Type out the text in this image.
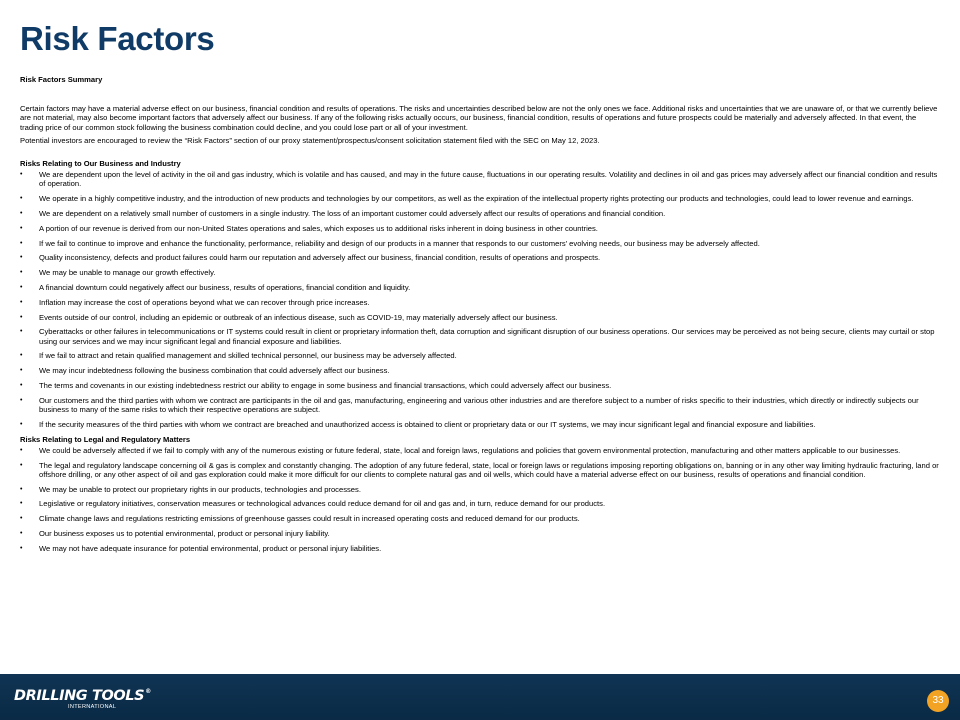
Risk Factors
Risk Factors Summary

Certain factors may have a material adverse effect on our business, financial condition and results of operations. The risks and uncertainties described below are not the only ones we face. Additional risks and uncertainties that we are unaware of, or that we currently believe are not material, may also become important factors that adversely affect our business. If any of the following risks actually occurs, our business, financial condition, results of operations and future prospects could be materially and adversely affected. In that event, the trading price of our common stock following the business combination could decline, and you could lose part or all of your investment.

Potential investors are encouraged to review the “Risk Factors” section of our proxy statement/prospectus/consent solicitation statement filed with the SEC on May 12, 2023.

Risks Relating to Our Business and Industry
•	We are dependent upon the level of activity in the oil and gas industry, which is volatile and has caused, and may in the future cause, fluctuations in our operating results. Volatility and declines in oil and gas prices may adversely affect our financial condition and results of operation.
•	We operate in a highly competitive industry, and the introduction of new products and technologies by our competitors, as well as the expiration of the intellectual property rights protecting our products and technologies, could lead to lower revenue and earnings.
•	We are dependent on a relatively small number of customers in a single industry. The loss of an important customer could adversely affect our results of operations and financial condition.
•	A portion of our revenue is derived from our non-United States operations and sales, which exposes us to additional risks inherent in doing business in other countries.
•	If we fail to continue to improve and enhance the functionality, performance, reliability and design of our products in a manner that responds to our customers’ evolving needs, our business may be adversely affected.
•	Quality inconsistency, defects and product failures could harm our reputation and adversely affect our business, financial condition, results of operations and prospects.
•	We may be unable to manage our growth effectively.
•	A financial downturn could negatively affect our business, results of operations, financial condition and liquidity.
•	Inflation may increase the cost of operations beyond what we can recover through price increases.
•	Events outside of our control, including an epidemic or outbreak of an infectious disease, such as COVID-19, may materially adversely affect our business.
•	Cyberattacks or other failures in telecommunications or IT systems could result in client or proprietary information theft, data corruption and significant disruption of our business operations. Our services may be perceived as not being secure, clients may curtail or stop using our services and we may incur significant legal and financial exposure and liabilities.
•	If we fail to attract and retain qualified management and skilled technical personnel, our business may be adversely affected.
•	We may incur indebtedness following the business combination that could adversely affect our business.
•	The terms and covenants in our existing indebtedness restrict our ability to engage in some business and financial transactions, which could adversely affect our business.
•	Our customers and the third parties with whom we contract are participants in the oil and gas, manufacturing, engineering and various other industries and are therefore subject to a number of risks specific to their industries, which directly or indirectly subjects our business to many of the same risks to which their respective operations are subject.
•	If the security measures of the third parties with whom we contract are breached and unauthorized access is obtained to client or proprietary data or our IT systems, we may incur significant legal and financial exposure and liabilities.
Risks Relating to Legal and Regulatory Matters
•	We could be adversely affected if we fail to comply with any of the numerous existing or future federal, state, local and foreign laws, regulations and policies that govern environmental protection, manufacturing and other matters applicable to our businesses.
•	The legal and regulatory landscape concerning oil & gas is complex and constantly changing. The adoption of any future federal, state, local or foreign laws or regulations imposing reporting obligations on, banning or in any other way limiting hydraulic fracturing, land or offshore drilling, or any other aspect of oil and gas exploration could make it more difficult for our clients to complete natural gas and oil wells, which could have a material adverse effect on our business, results of operations and financial condition.
•	We may be unable to protect our proprietary rights in our products, technologies and processes.
•	Legislative or regulatory initiatives, conservation measures or technological advances could reduce demand for oil and gas and, in turn, reduce demand for our products.
•	Climate change laws and regulations restricting emissions of greenhouse gasses could result in increased operating costs and reduced demand for our products.
•	Our business exposes us to potential environmental, product or personal injury liability.
•	We may not have adequate insurance for potential environmental, product or personal injury liabilities.
DRILLING TOOLS®
INTERNATIONAL
33
